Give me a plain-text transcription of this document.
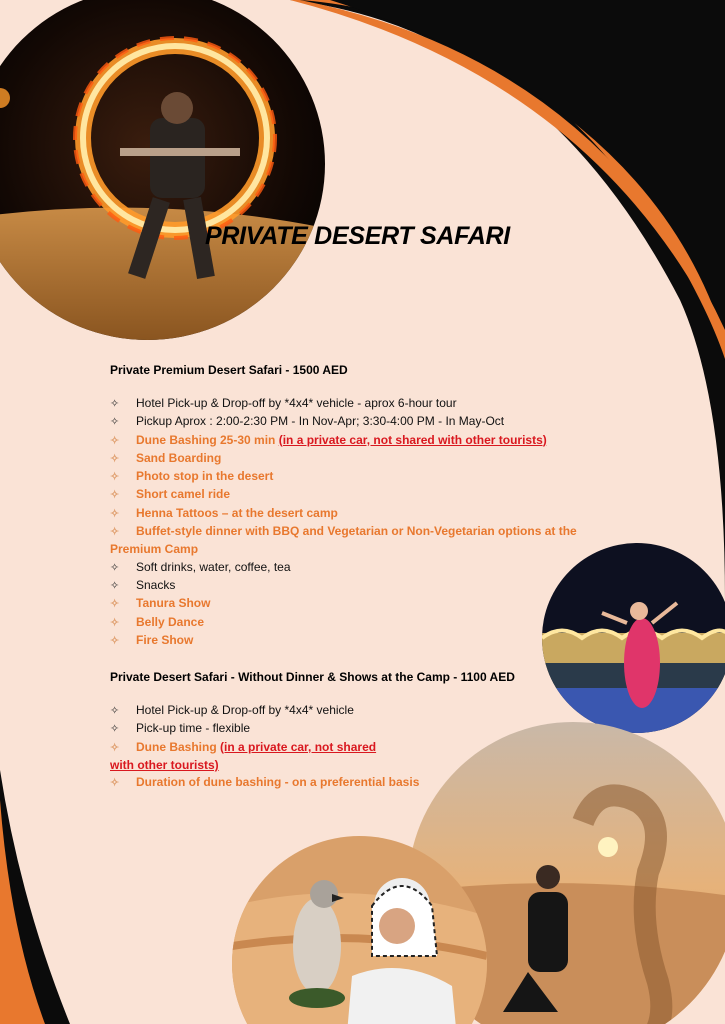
PRIVATE DESERT SAFARI
Private Premium Desert Safari - 1500 AED
✧ Hotel Pick-up & Drop-off by *4x4* vehicle - aprox 6-hour tour
✧ Pickup Aprox : 2:00-2:30 PM - In Nov-Apr; 3:30-4:00 PM - In May-Oct
✧ Dune Bashing 25-30 min (in a private car, not shared with other tourists)
✧ Sand Boarding
✧ Photo stop in the desert
✧ Short camel ride
✧ Henna Tattoos – at the desert camp
✧ Buffet-style dinner with BBQ and Vegetarian or Non-Vegetarian options at the
Premium Camp
✧ Soft drinks, water, coffee, tea
✧ Snacks
✧ Tanura Show
✧ Belly Dance
✧ Fire Show
Private Desert Safari - Without Dinner & Shows at the Camp - 1100 AED
✧ Hotel Pick-up & Drop-off by *4x4* vehicle
✧ Pick-up time - flexible
✧ Dune Bashing (in a private car, not shared
with other tourists)
✧ Duration of dune bashing - on a preferential basis
